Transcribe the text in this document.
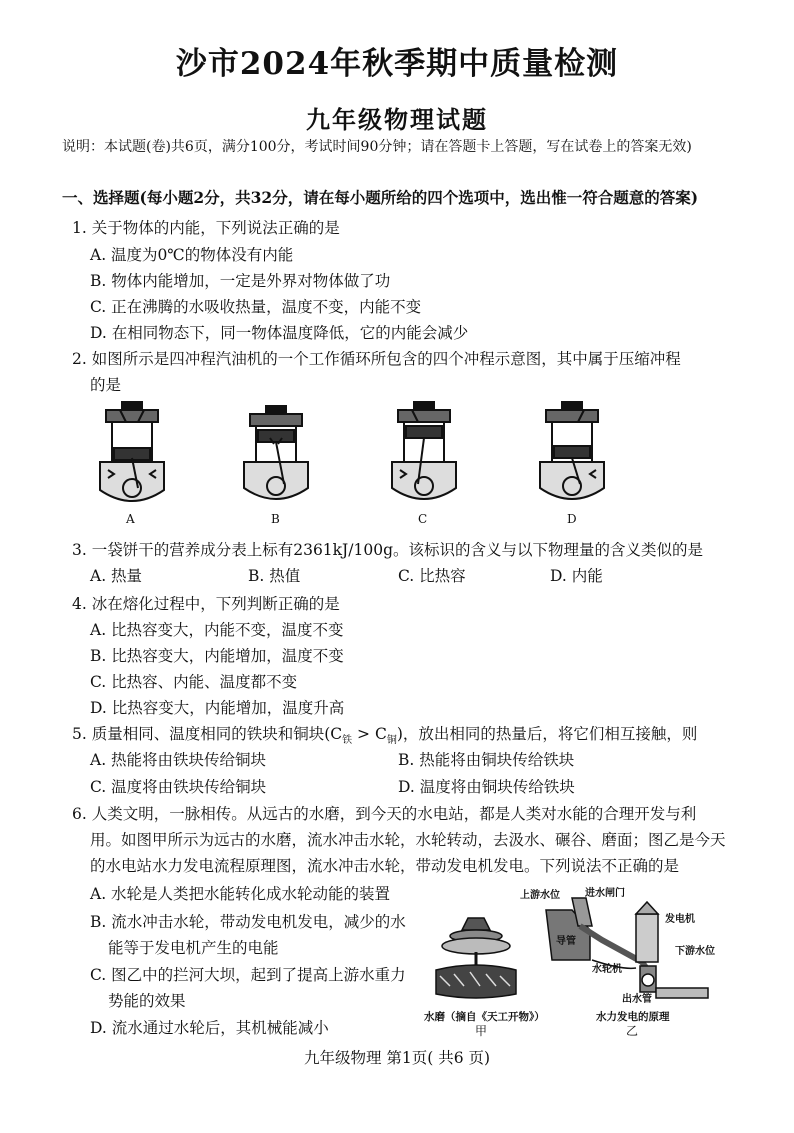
沙市2024年秋季期中质量检测
九年级物理试题
说明：本试题(卷)共6页，满分100分，考试时间90分钟；请在答题卡上答题，写在试卷上的答案无效)
一、选择题(每小题2分，共32分，请在每小题所给的四个选项中，选出惟一符合题意的答案)
1. 关于物体的内能，下列说法正确的是
A. 温度为0℃的物体没有内能
B. 物体内能增加，一定是外界对物体做了功
C. 正在沸腾的水吸收热量，温度不变，内能不变
D. 在相同物态下，同一物体温度降低，它的内能会减少
2. 如图所示是四冲程汽油机的一个工作循环所包含的四个冲程示意图，其中属于压缩冲程
的是
A	B	C	D
3. 一袋饼干的营养成分表上标有2361kJ/100g。该标识的含义与以下物理量的含义类似的是
A. 热量	B. 热值	C. 比热容	D. 内能
4. 冰在熔化过程中，下列判断正确的是
A. 比热容变大，内能不变，温度不变
B. 比热容变大，内能增加，温度不变
C. 比热容、内能、温度都不变
D. 比热容变大，内能增加，温度升高
5. 质量相同、温度相同的铁块和铜块$(C_铁 > C_铜)$，放出相同的热量后，将它们相互接触，则
A. 热能将由铁块传给铜块	B. 热能将由铜块传给铁块
C. 温度将由铁块传给铜块	D. 温度将由铜块传给铁块
6. 人类文明，一脉相传。从远古的水磨，到今天的水电站，都是人类对水能的合理开发与利
用。如图甲所示为远古的水磨，流水冲击水轮，水轮转动，去汲水、碾谷、磨面；图乙是今天
的水电站水力发电流程原理图，流水冲击水轮，带动发电机发电。下列说法不正确的是
A. 水轮是人类把水能转化成水轮动能的装置
B. 流水冲击水轮，带动发电机发电，减少的水
能等于发电机产生的电能
C. 图乙中的拦河大坝，起到了提高上游水重力
势能的效果
D. 流水通过水轮后，其机械能减小
水磨（摘自《天工开物》）
甲
上游水位	进水闸门
发电机
导管
下游水位
水轮机
出水管
水力发电的原理
乙
九年级物理 第1页( 共6 页)
